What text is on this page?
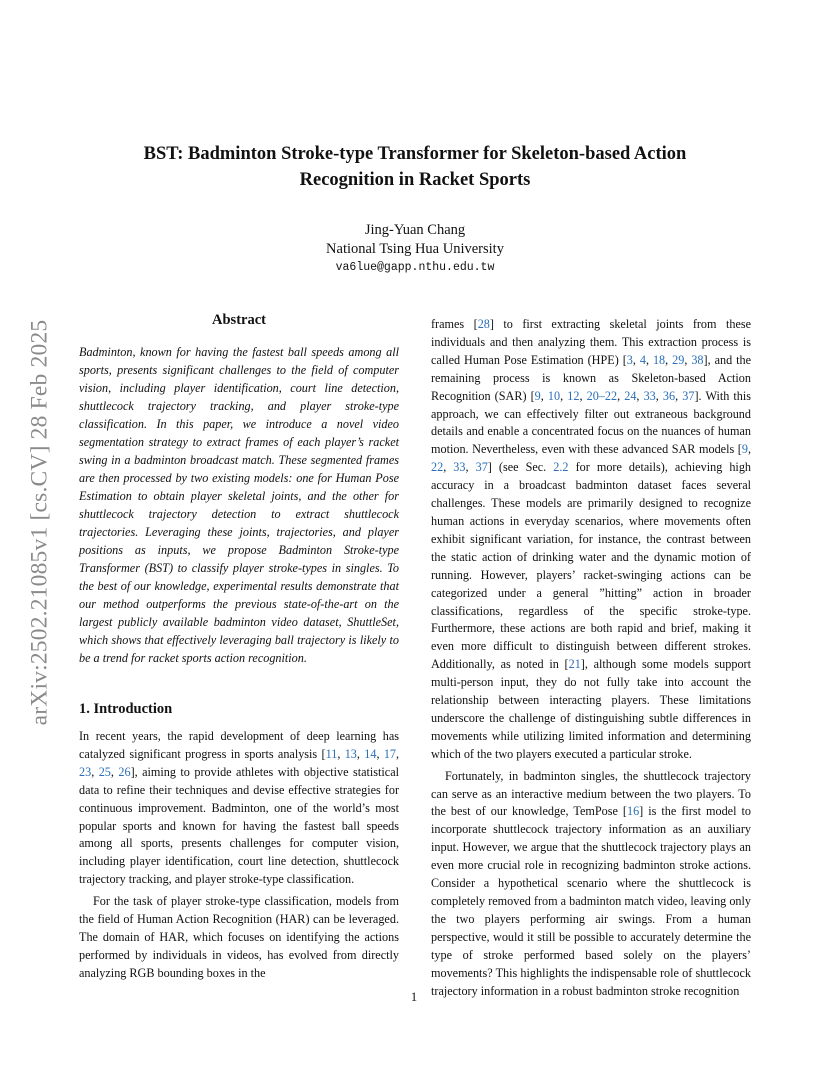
arXiv:2502.21085v1 [cs.CV] 28 Feb 2025
BST: Badminton Stroke-type Transformer for Skeleton-based Action
Recognition in Racket Sports
Jing-Yuan Chang
National Tsing Hua University
va6lue@gapp.nthu.edu.tw
Abstract

Badminton, known for having the fastest ball speeds among all sports, presents significant challenges to the field of computer vision, including player identification, court line detection, shuttlecock trajectory tracking, and player stroke-type classification. In this paper, we introduce a novel video segmentation strategy to extract frames of each player’s racket swing in a badminton broadcast match. These segmented frames are then processed by two existing models: one for Human Pose Estimation to obtain player skeletal joints, and the other for shuttlecock trajectory detection to extract shuttlecock trajectories. Leveraging these joints, trajectories, and player positions as inputs, we propose Badminton Stroke-type Transformer (BST) to classify player stroke-types in singles. To the best of our knowledge, experimental results demonstrate that our method outperforms the previous state-of-the-art on the largest publicly available badminton video dataset, ShuttleSet, which shows that effectively leveraging ball trajectory is likely to be a trend for racket sports action recognition.

1. Introduction

In recent years, the rapid development of deep learning has catalyzed significant progress in sports analysis [11, 13, 14, 17, 23, 25, 26], aiming to provide athletes with objective statistical data to refine their techniques and devise effective strategies for continuous improvement. Badminton, one of the world’s most popular sports and known for having the fastest ball speeds among all sports, presents challenges for computer vision, including player identification, court line detection, shuttlecock trajectory tracking, and player stroke-type classification.

For the task of player stroke-type classification, models from the field of Human Action Recognition (HAR) can be leveraged. The domain of HAR, which focuses on identifying the actions performed by individuals in videos, has evolved from directly analyzing RGB bounding boxes in the

frames [28] to first extracting skeletal joints from these individuals and then analyzing them. This extraction process is called Human Pose Estimation (HPE) [3, 4, 18, 29, 38], and the remaining process is known as Skeleton-based Action Recognition (SAR) [9, 10, 12, 20–22, 24, 33, 36, 37]. With this approach, we can effectively filter out extraneous background details and enable a concentrated focus on the nuances of human motion. Nevertheless, even with these advanced SAR models [9, 22, 33, 37] (see Sec. 2.2 for more details), achieving high accuracy in a broadcast badminton dataset faces several challenges. These models are primarily designed to recognize human actions in everyday scenarios, where movements often exhibit significant variation, for instance, the contrast between the static action of drinking water and the dynamic motion of running. However, players’ racket-swinging actions can be categorized under a general ”hitting” action in broader classifications, regardless of the specific stroke-type. Furthermore, these actions are both rapid and brief, making it even more difficult to distinguish between different strokes. Additionally, as noted in [21], although some models support multi-person input, they do not fully take into account the relationship between interacting players. These limitations underscore the challenge of distinguishing subtle differences in movements while utilizing limited information and determining which of the two players executed a particular stroke.

Fortunately, in badminton singles, the shuttlecock trajectory can serve as an interactive medium between the two players. To the best of our knowledge, TemPose [16] is the first model to incorporate shuttlecock trajectory information as an auxiliary input. However, we argue that the shuttlecock trajectory plays an even more crucial role in recognizing badminton stroke actions. Consider a hypothetical scenario where the shuttlecock is completely removed from a badminton match video, leaving only the two players performing air swings. From a human perspective, would it still be possible to accurately determine the type of stroke performed based solely on the players’ movements? This highlights the indispensable role of shuttlecock trajectory information in a robust badminton stroke recognition

1
